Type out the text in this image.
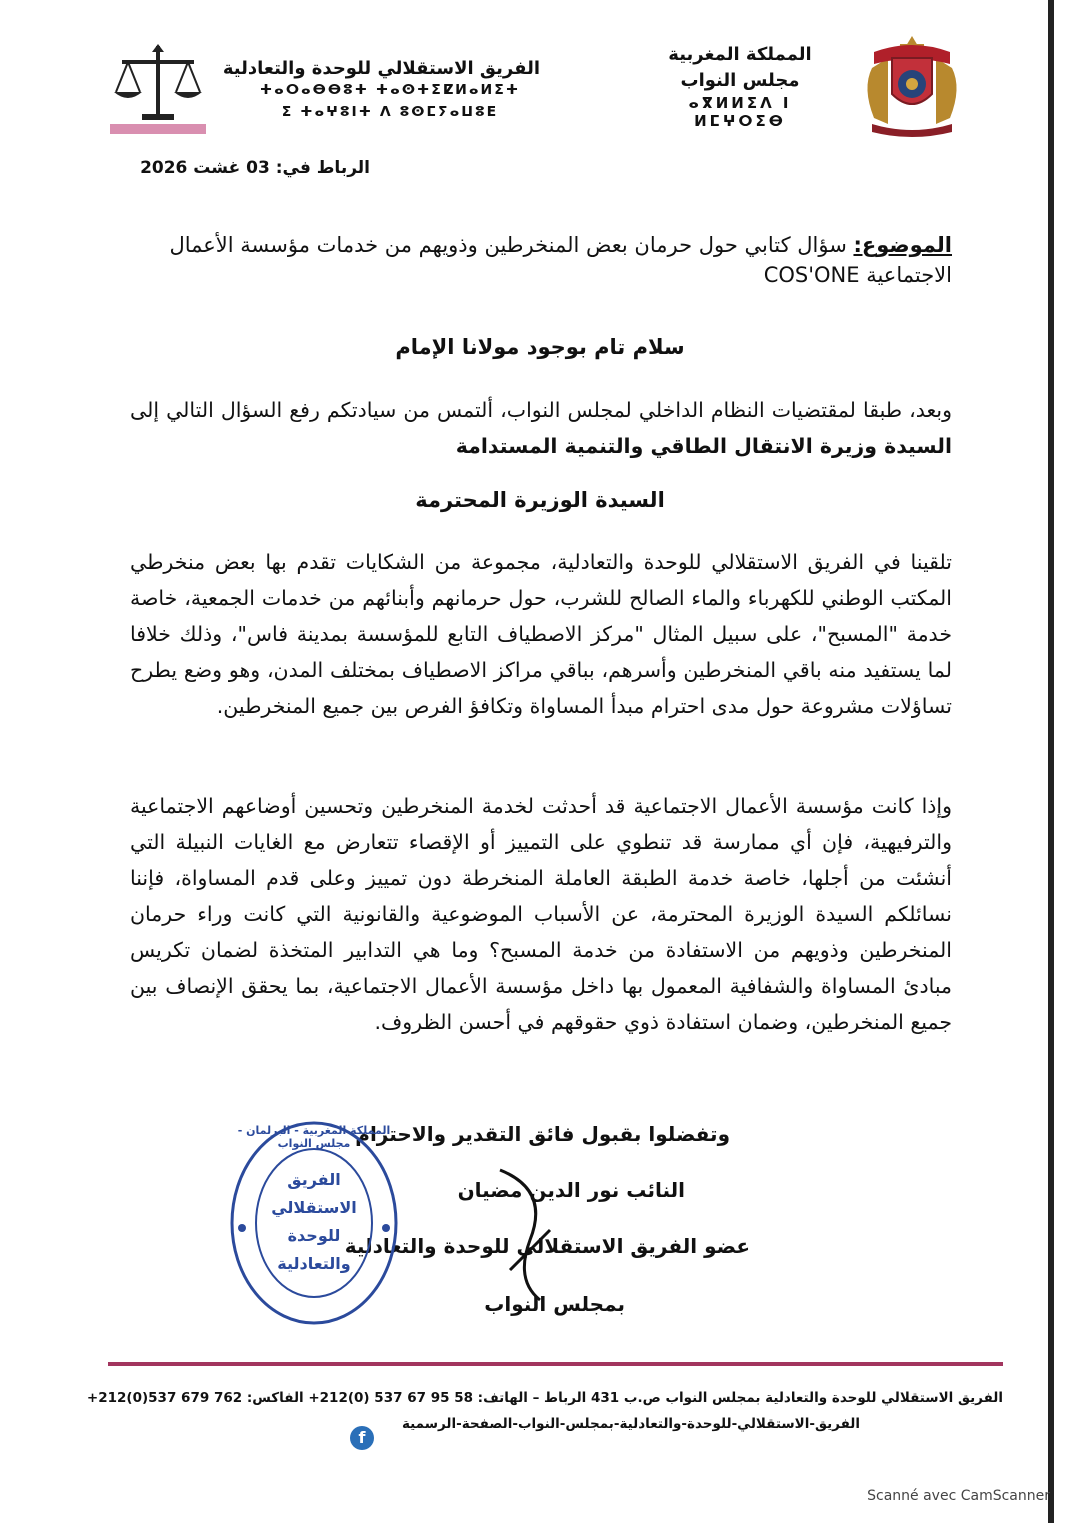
المملكة المغربية
مجلس النواب
ⴰⴳⵍⵍⵉⴷ ⵏ ⵍⵎⵖⵔⵉⴱ
الفريق الاستقلالي للوحدة والتعادلية
ⵜⴰⵔⴰⴱⴱⵓⵜ ⵜⴰⵙⵜⵉⵇⵍⴰⵍⵉⵜ
ⵉ ⵜⴰⵖⵓⵏⵜ ⴷ ⵓⵙⵎⵢⴰⵡⵓⴹ
الرباط في: 03 غشت 2026
الموضوع: سؤال كتابي حول حرمان بعض المنخرطين وذويهم من خدمات مؤسسة الأعمال الاجتماعية COS'ONE
سلام تام بوجود مولانا الإمام
وبعد، طبقا لمقتضيات النظام الداخلي لمجلس النواب، ألتمس من سيادتكم رفع السؤال التالي إلى السيدة وزيرة الانتقال الطاقي والتنمية المستدامة
السيدة الوزيرة المحترمة
تلقينا في الفريق الاستقلالي للوحدة والتعادلية، مجموعة من الشكايات تقدم بها بعض منخرطي المكتب الوطني للكهرباء والماء الصالح للشرب، حول حرمانهم وأبنائهم من خدمات الجمعية، خاصة خدمة "المسبح"، على سبيل المثال "مركز الاصطياف التابع للمؤسسة بمدينة فاس"، وذلك خلافا لما يستفيد منه باقي المنخرطين وأسرهم، بباقي مراكز الاصطياف بمختلف المدن، وهو وضع يطرح تساؤلات مشروعة حول مدى احترام مبدأ المساواة وتكافؤ الفرص بين جميع المنخرطين.
وإذا كانت مؤسسة الأعمال الاجتماعية قد أحدثت لخدمة المنخرطين وتحسين أوضاعهم الاجتماعية والترفيهية، فإن أي ممارسة قد تنطوي على التمييز أو الإقصاء تتعارض مع الغايات النبيلة التي أنشئت من أجلها، خاصة خدمة الطبقة العاملة المنخرطة دون تمييز وعلى قدم المساواة، فإننا نسائلكم السيدة الوزيرة المحترمة، عن الأسباب الموضوعية والقانونية التي كانت وراء حرمان المنخرطين وذويهم من الاستفادة من خدمة المسبح؟ وما هي التدابير المتخذة لضمان تكريس مبادئ المساواة والشفافية المعمول بها داخل مؤسسة الأعمال الاجتماعية، بما يحقق الإنصاف بين جميع المنخرطين، وضمان استفادة ذوي حقوقهم في أحسن الظروف.
وتفضلوا بقبول فائق التقدير والاحترام
النائب نور الدين مضيان
عضو الفريق الاستقلالي للوحدة والتعادلية
بمجلس النواب
المملكة المغربية - البرلمان - مجلس النواب
الفريق
الاستقلالي
للوحدة
والتعادلية
الفريق الاستقلالي للوحدة والتعادلية بمجلس النواب ص.ب 431 الرباط – الهاتف: 58 95 67 537 (0)212+ الفاكس: 762 679 537(0)212+
الفريق-الاستقلالي-للوحدة-والتعادلية-بمجلس-النواب-الصفحة-الرسمية
f
Scanné avec CamScanner
